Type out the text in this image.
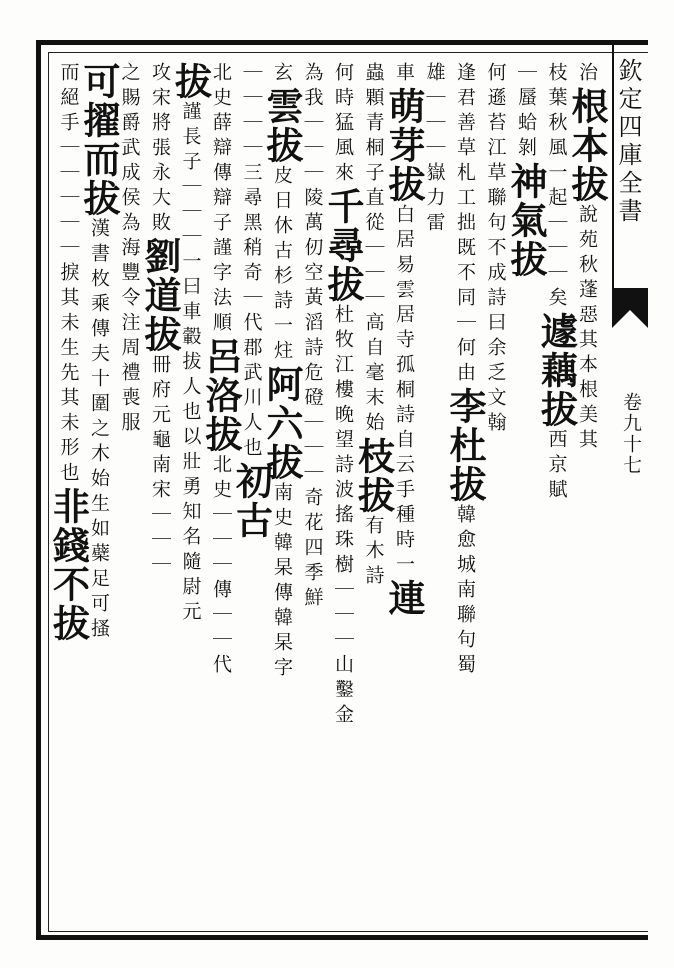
欽定四庫全書
卷九十七
治根本拔說苑秋蓬惡其本根美其
枝葉秋風一起｜｜｜矣遽藕拔西京賦
｜蜃蛤剝神氣拔
何遜苔江草聯句不成詩曰余乏文翰
逢君善草札工拙既不同｜何由李杜拔韓愈城南聯句蜀
雄｜｜｜嶽力雷
車萌芽拔白居易雲居寺孤桐詩自云手種時一連
蟲顆青桐子直從｜｜｜高自毫末始枝拔有木詩
何時猛風來千尋拔杜牧江樓晚望詩波搖珠樹｜｜｜山鑿金
為我｜｜｜陵萬仞空黃滔詩危磴｜｜｜奇花四季鮮
玄雲拔皮日休古杉詩一炷阿六拔南史韓杲傳韓杲字
｜｜｜｜三尋黑稍奇｜代郡武川人也初古
北史薛辯傳辯子謹字法順呂洛拔北史｜｜｜傳｜｜代
拔謹長子｜｜｜一曰車轂拔人也以壯勇知名隨尉元
攻宋將張永大敗劉道拔冊府元龜南宋｜｜｜
之賜爵武成侯為海豐令注周禮喪服
可擢而拔漢書枚乘傳夫十圍之木始生如蘗足可搔
而絕手｜｜｜｜｜捩其未生先其未形也非錢不拔
